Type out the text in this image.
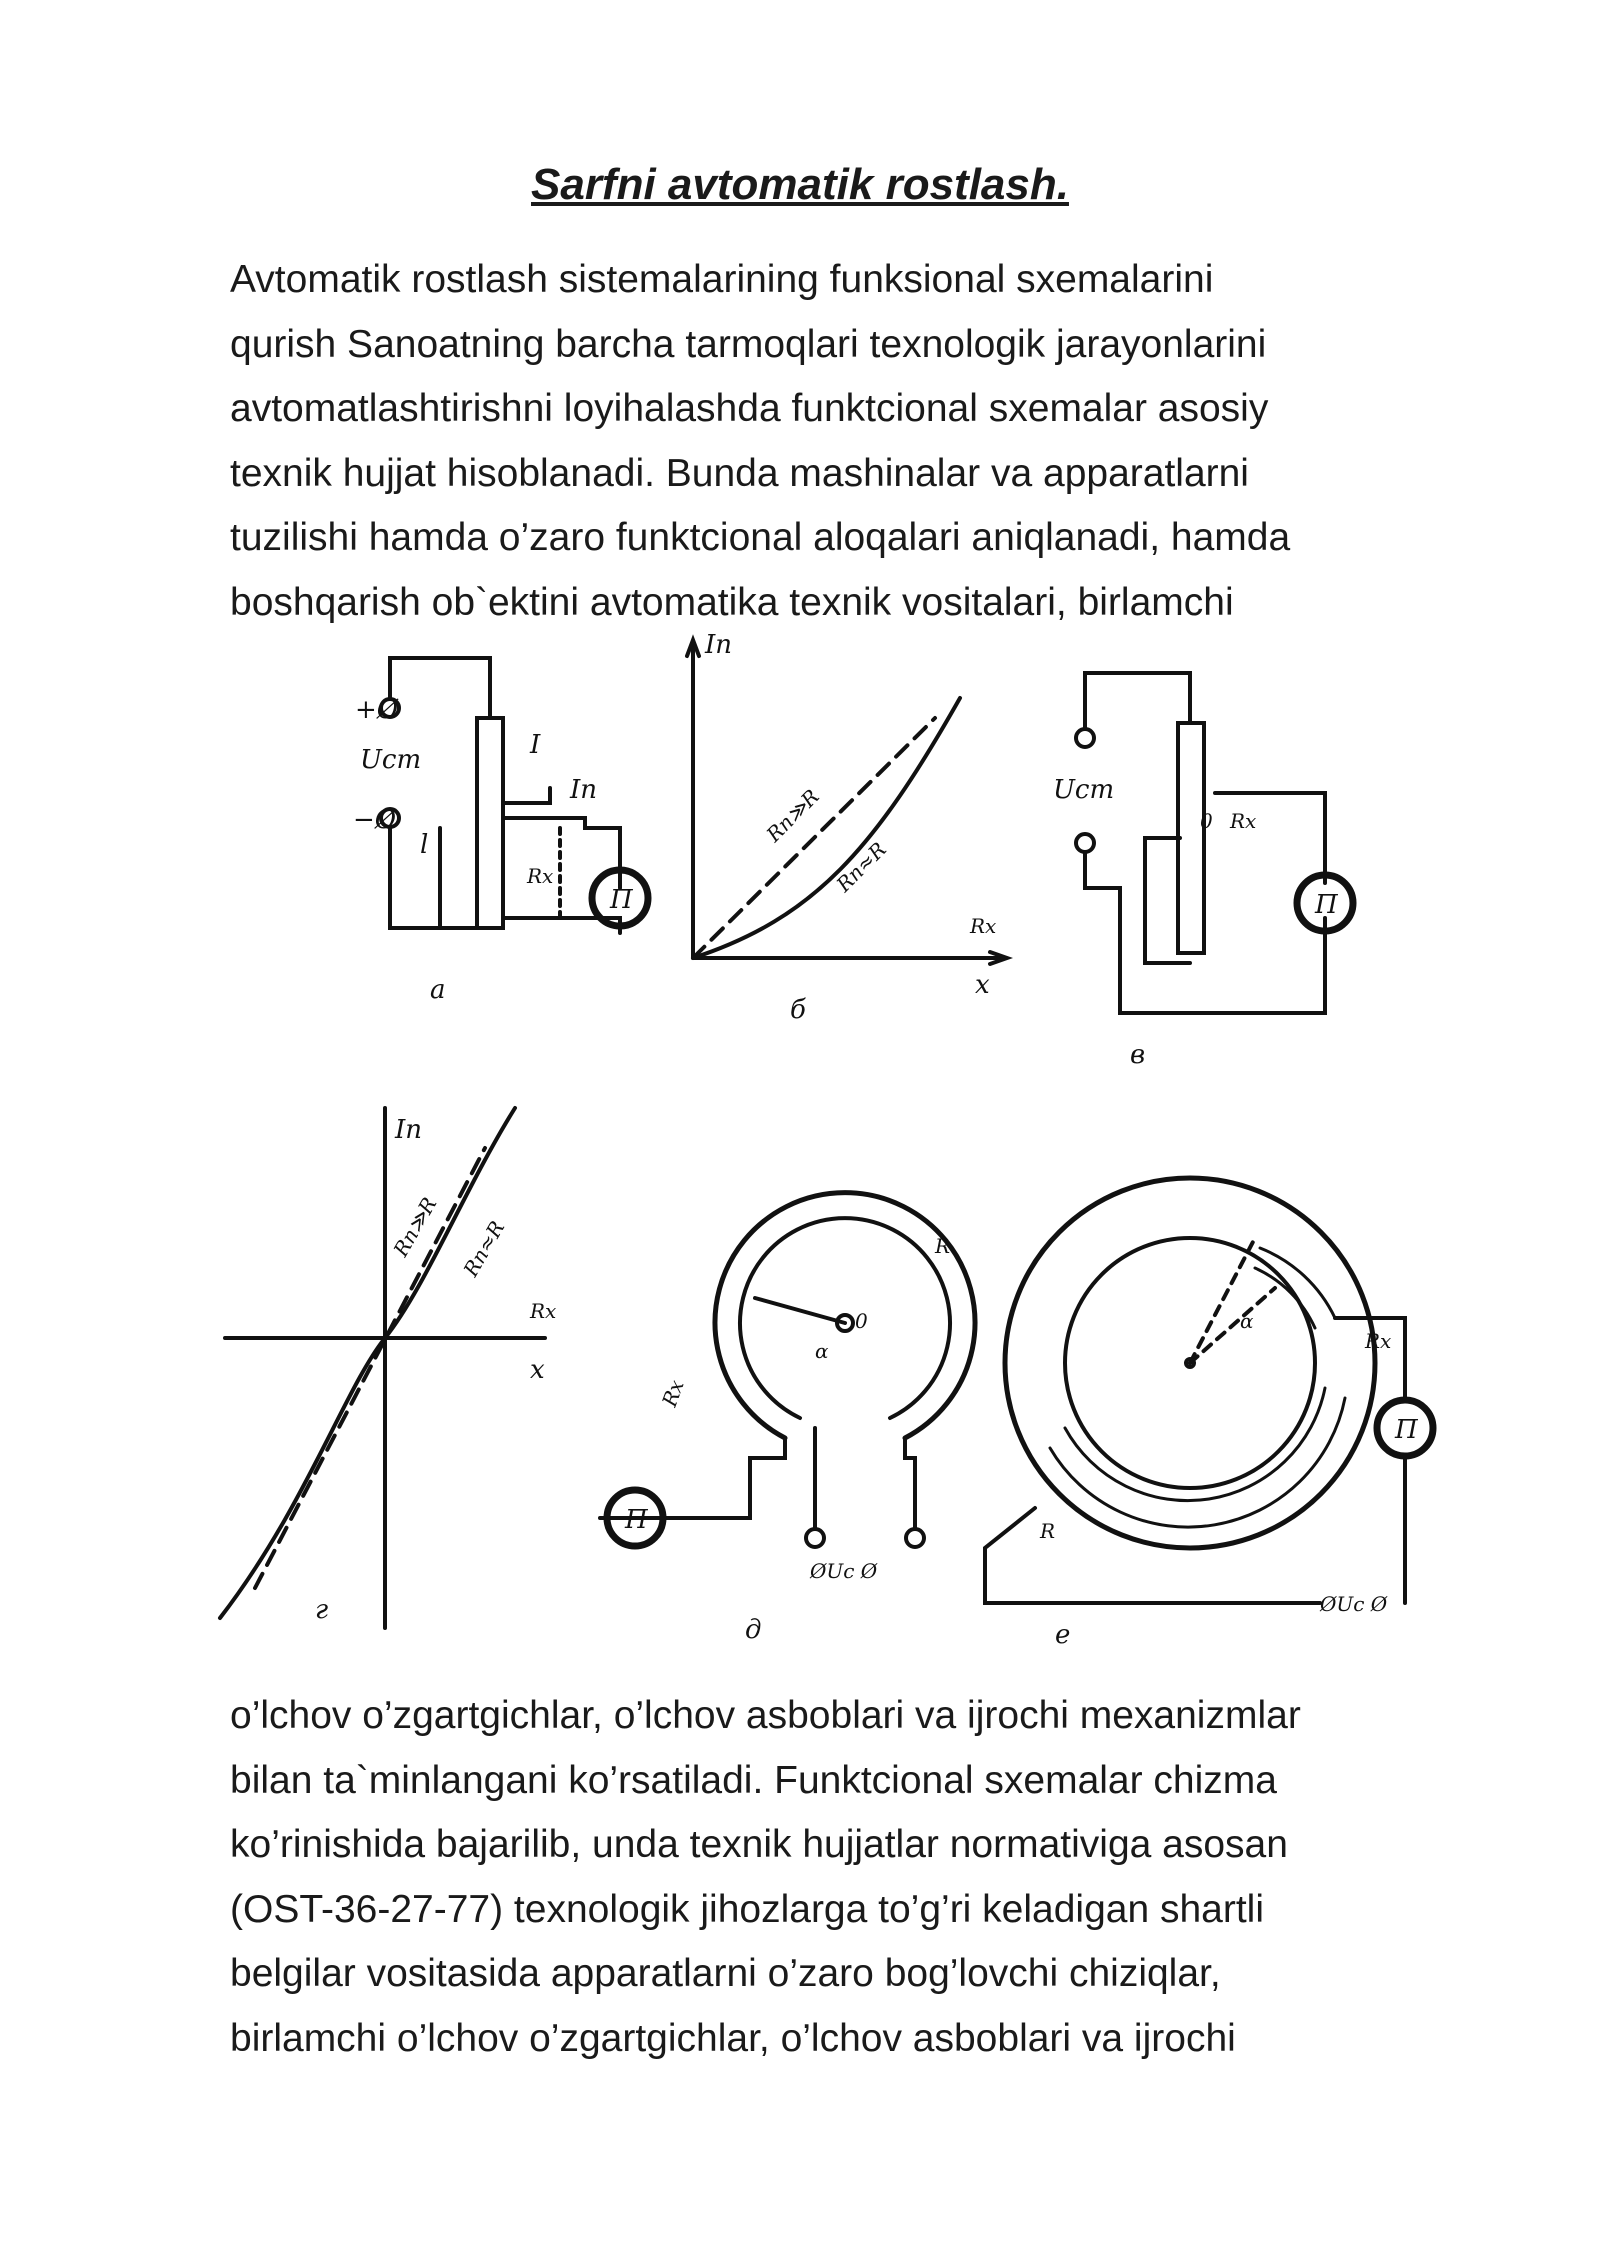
Sarfni avtomatik rostlash.

Avtomatik rostlash sistemalarining funksional sxemalarini
qurish Sanoatning barcha tarmoqlari texnologik jarayonlarini
avtomatlashtirishni loyihalashda funktcional sxemalar asosiy
texnik hujjat hisoblanadi. Bunda mashinalar va apparatlarni
tuzilishi hamda o’zaro funktcional aloqalari aniqlanadi, hamda
boshqarish ob`ektini avtomatika texnik vositalari, birlamchi

+Ø
−Ø
Uст	I
Iп
l
Rx
П
a
Iп
Rx
x
Rп≫R
Rп≈R
б
Uст
0 Rx
П
в
Iп
Rx
x
Rп≫R Rп≈R
г
0
α
Rx
R
ØUс Ø
П
д
α
Rx
R
П
ØUс Ø
е

o’lchov o’zgartgichlar, o’lchov asboblari va ijrochi mexanizmlar
bilan ta`minlangani ko’rsatiladi. Funktcional sxemalar chizma
ko’rinishida bajarilib, unda texnik hujjatlar normativiga asosan
(OST-36-27-77) texnologik jihozlarga to’g’ri keladigan shartli
belgilar vositasida apparatlarni o’zaro bog’lovchi chiziqlar,
birlamchi o’lchov o’zgartgichlar, o’lchov asboblari va ijrochi
